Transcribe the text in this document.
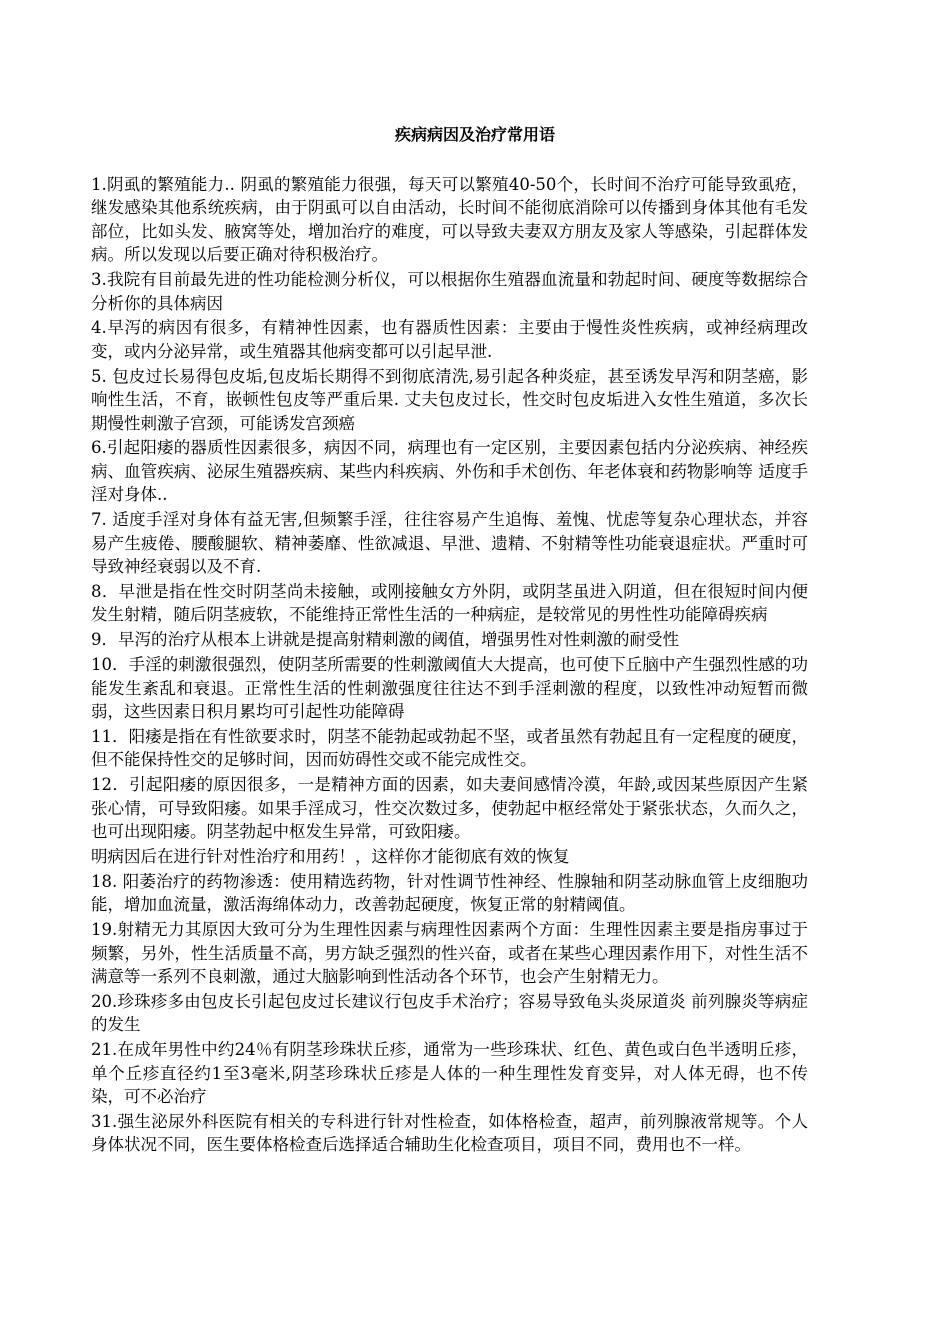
疾病病因及治疗常用语

1.阴虱的繁殖能力.. 阴虱的繁殖能力很强，每天可以繁殖40-50个，长时间不治疗可能导致虱疮，继发感染其他系统疾病，由于阴虱可以自由活动，长时间不能彻底消除可以传播到身体其他有毛发部位，比如头发、腋窝等处，增加治疗的难度，可以导致夫妻双方朋友及家人等感染，引起群体发病。所以发现以后要正确对待积极治疗。

3.我院有目前最先进的性功能检测分析仪，可以根据你生殖器血流量和勃起时间、硬度等数据综合分析你的具体病因

4.早泻的病因有很多，有精神性因素，也有器质性因素：主要由于慢性炎性疾病，或神经病理改变，或内分泌异常，或生殖器其他病变都可以引起早泄.

5. 包皮过长易得包皮垢,包皮垢长期得不到彻底清洗,易引起各种炎症，甚至诱发早泻和阴茎癌，影响性生活，不育，嵌顿性包皮等严重后果. 丈夫包皮过长，性交时包皮垢进入女性生殖道，多次长期慢性刺激子宫颈，可能诱发宫颈癌

6.引起阳痿的器质性因素很多，病因不同，病理也有一定区别，主要因素包括内分泌疾病、神经疾病、血管疾病、泌尿生殖器疾病、某些内科疾病、外伤和手术创伤、年老体衰和药物影响等 适度手淫对身体..

7. 适度手淫对身体有益无害,但频繁手淫，往往容易产生追悔、羞愧、忧虑等复杂心理状态，并容易产生疲倦、腰酸腿软、精神萎靡、性欲减退、早泄、遗精、不射精等性功能衰退症状。严重时可导致神经衰弱以及不育.

8．早泄是指在性交时阴茎尚未接触，或刚接触女方外阴，或阴茎虽进入阴道，但在很短时间内便发生射精，随后阴茎疲软，不能维持正常性生活的一种病症，是较常见的男性性功能障碍疾病

9．早泻的治疗从根本上讲就是提高射精刺激的阈值，增强男性对性刺激的耐受性

10．手淫的刺激很强烈，使阴茎所需要的性刺激阈值大大提高，也可使下丘脑中产生强烈性感的功能发生紊乱和衰退。正常性生活的性刺激强度往往达不到手淫刺激的程度，以致性冲动短暂而微弱，这些因素日积月累均可引起性功能障碍

11．阳痿是指在有性欲要求时，阴茎不能勃起或勃起不坚，或者虽然有勃起且有一定程度的硬度，但不能保持性交的足够时间，因而妨碍性交或不能完成性交。

12．引起阳痿的原因很多，一是精神方面的因素，如夫妻间感情冷漠，年龄,或因某些原因产生紧张心情，可导致阳痿。如果手淫成习，性交次数过多，使勃起中枢经常处于紧张状态，久而久之，也可出现阳痿。阴茎勃起中枢发生异常，可致阳痿。

明病因后在进行针对性治疗和用药！，这样你才能彻底有效的恢复

18. 阳萎治疗的药物渗透：使用精选药物，针对性调节性神经、性腺轴和阴茎动脉血管上皮细胞功能，增加血流量，激活海绵体动力，改善勃起硬度，恢复正常的射精阈值。

19.射精无力其原因大致可分为生理性因素与病理性因素两个方面：生理性因素主要是指房事过于频繁，另外，性生活质量不高，男方缺乏强烈的性兴奋，或者在某些心理因素作用下，对性生活不满意等一系列不良刺激，通过大脑影响到性活动各个环节，也会产生射精无力。

20.珍珠疹多由包皮长引起包皮过长建议行包皮手术治疗；容易导致龟头炎尿道炎 前列腺炎等病症的发生

21.在成年男性中约24％有阴茎珍珠状丘疹，通常为一些珍珠状、红色、黄色或白色半透明丘疹，单个丘疹直径约1至3毫米,阴茎珍珠状丘疹是人体的一种生理性发育变异，对人体无碍，也不传染，可不必治疗

31.强生泌尿外科医院有相关的专科进行针对性检查，如体格检查，超声，前列腺液常规等。个人身体状况不同，医生要体格检查后选择适合辅助生化检查项目，项目不同，费用也不一样。
